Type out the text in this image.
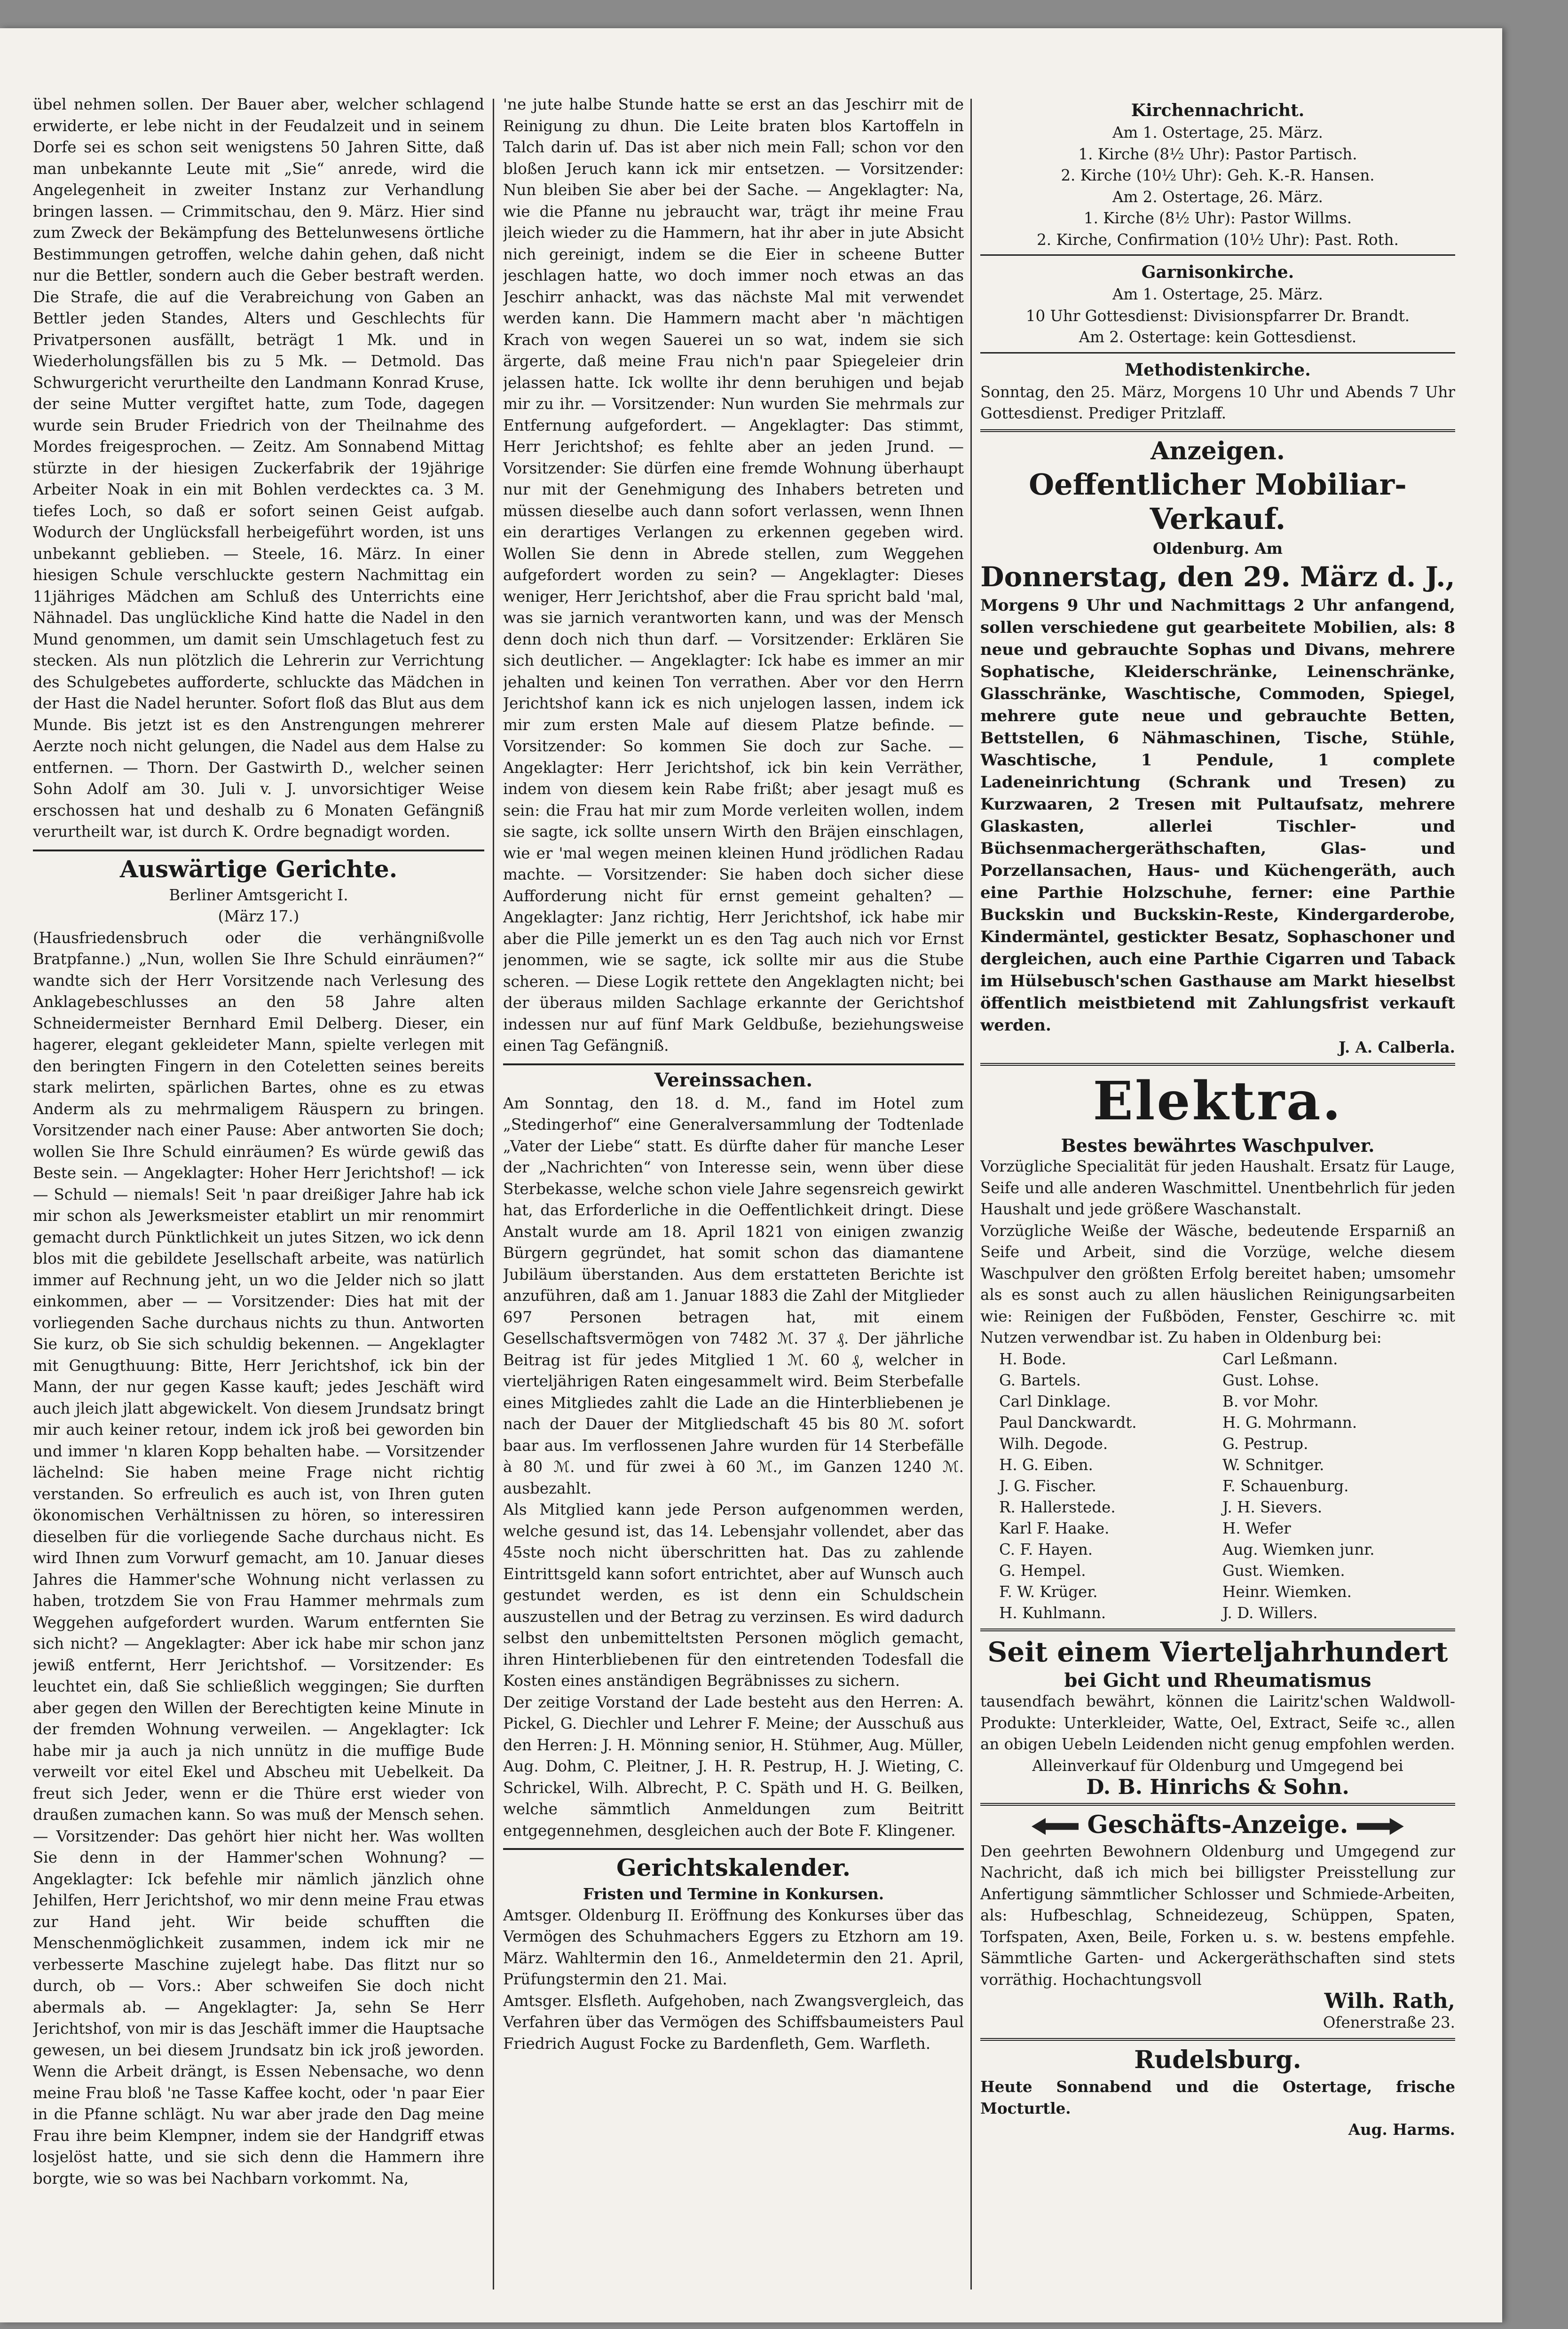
übel nehmen sollen. Der Bauer aber, welcher schlagend erwiderte, er lebe nicht in der Feudalzeit und in seinem Dorfe sei es schon seit wenigstens 50 Jahren Sitte, daß man unbekannte Leute mit „Sie“ anrede, wird die Angelegenheit in zweiter Instanz zur Verhandlung bringen lassen. — Crimmitschau, den 9. März. Hier sind zum Zweck der Bekämpfung des Bettelunwesens örtliche Bestimmungen getroffen, welche dahin gehen, daß nicht nur die Bettler, sondern auch die Geber bestraft werden. Die Strafe, die auf die Verabreichung von Gaben an Bettler jeden Standes, Alters und Geschlechts für Privatpersonen ausfällt, beträgt 1 Mk. und in Wiederholungsfällen bis zu 5 Mk. — Detmold. Das Schwurgericht verurtheilte den Landmann Konrad Kruse, der seine Mutter vergiftet hatte, zum Tode, dagegen wurde sein Bruder Friedrich von der Theilnahme des Mordes freigesprochen. — Zeitz. Am Sonnabend Mittag stürzte in der hiesigen Zuckerfabrik der 19jährige Arbeiter Noak in ein mit Bohlen verdecktes ca. 3 M. tiefes Loch, so daß er sofort seinen Geist aufgab. Wodurch der Unglücksfall herbeigeführt worden, ist uns unbekannt geblieben. — Steele, 16. März. In einer hiesigen Schule verschluckte gestern Nachmittag ein 11jähriges Mädchen am Schluß des Unterrichts eine Nähnadel. Das unglückliche Kind hatte die Nadel in den Mund genommen, um damit sein Umschlagetuch fest zu stecken. Als nun plötzlich die Lehrerin zur Verrichtung des Schulgebetes aufforderte, schluckte das Mädchen in der Hast die Nadel herunter. Sofort floß das Blut aus dem Munde. Bis jetzt ist es den Anstrengungen mehrerer Aerzte noch nicht gelungen, die Nadel aus dem Halse zu entfernen. — Thorn. Der Gastwirth D., welcher seinen Sohn Adolf am 30. Juli v. J. unvorsichtiger Weise erschossen hat und deshalb zu 6 Monaten Gefängniß verurtheilt war, ist durch K. Ordre begnadigt worden.

Auswärtige Gerichte.

Berliner Amtsgericht I.

(März 17.)

(Hausfriedensbruch oder die verhängnißvolle Bratpfanne.) „Nun, wollen Sie Ihre Schuld einräumen?“ wandte sich der Herr Vorsitzende nach Verlesung des Anklagebeschlusses an den 58 Jahre alten Schneidermeister Bernhard Emil Delberg. Dieser, ein hagerer, elegant gekleideter Mann, spielte verlegen mit den beringten Fingern in den Coteletten seines bereits stark melirten, spärlichen Bartes, ohne es zu etwas Anderm als zu mehrmaligem Räuspern zu bringen. Vorsitzender nach einer Pause: Aber antworten Sie doch; wollen Sie Ihre Schuld einräumen? Es würde gewiß das Beste sein. — Angeklagter: Hoher Herr Jerichtshof! — ick — Schuld — niemals! Seit 'n paar dreißiger Jahre hab ick mir schon als Jewerksmeister etablirt un mir renommirt gemacht durch Pünktlichkeit un jutes Sitzen, wo ick denn blos mit die gebildete Jesellschaft arbeite, was natürlich immer auf Rechnung jeht, un wo die Jelder nich so jlatt einkommen, aber — — Vorsitzender: Dies hat mit der vorliegenden Sache durchaus nichts zu thun. Antworten Sie kurz, ob Sie sich schuldig bekennen. — Angeklagter mit Genugthuung: Bitte, Herr Jerichtshof, ick bin der Mann, der nur gegen Kasse kauft; jedes Jeschäft wird auch jleich jlatt abgewickelt. Von diesem Jrundsatz bringt mir auch keiner retour, indem ick jroß bei geworden bin und immer 'n klaren Kopp behalten habe. — Vorsitzender lächelnd: Sie haben meine Frage nicht richtig verstanden. So erfreulich es auch ist, von Ihren guten ökonomischen Verhältnissen zu hören, so interessiren dieselben für die vorliegende Sache durchaus nicht. Es wird Ihnen zum Vorwurf gemacht, am 10. Januar dieses Jahres die Hammer'sche Wohnung nicht verlassen zu haben, trotzdem Sie von Frau Hammer mehrmals zum Weggehen aufgefordert wurden. Warum entfernten Sie sich nicht? — Angeklagter: Aber ick habe mir schon janz jewiß entfernt, Herr Jerichtshof. — Vorsitzender: Es leuchtet ein, daß Sie schließlich weggingen; Sie durften aber gegen den Willen der Berechtigten keine Minute in der fremden Wohnung verweilen. — Angeklagter: Ick habe mir ja auch ja nich unnütz in die muffige Bude verweilt vor eitel Ekel und Abscheu mit Uebelkeit. Da freut sich Jeder, wenn er die Thüre erst wieder von draußen zumachen kann. So was muß der Mensch sehen. — Vorsitzender: Das gehört hier nicht her. Was wollten Sie denn in der Hammer'schen Wohnung? — Angeklagter: Ick befehle mir nämlich jänzlich ohne Jehilfen, Herr Jerichtshof, wo mir denn meine Frau etwas zur Hand jeht. Wir beide schufften die Menschenmöglichkeit zusammen, indem ick mir ne verbesserte Maschine zujelegt habe. Das flitzt nur so durch, ob — Vors.: Aber schweifen Sie doch nicht abermals ab. — Angeklagter: Ja, sehn Se Herr Jerichtshof, von mir is das Jeschäft immer die Hauptsache gewesen, un bei diesem Jrundsatz bin ick jroß jeworden. Wenn die Arbeit drängt, is Essen Nebensache, wo denn meine Frau bloß 'ne Tasse Kaffee kocht, oder 'n paar Eier in die Pfanne schlägt. Nu war aber jrade den Dag meine Frau ihre beim Klempner, indem sie der Handgriff etwas losjelöst hatte, und sie sich denn die Hammern ihre borgte, wie so was bei Nachbarn vorkommt. Na,

'ne jute halbe Stunde hatte se erst an das Jeschirr mit de Reinigung zu dhun. Die Leite braten blos Kartoffeln in Talch darin uf. Das ist aber nich mein Fall; schon vor den bloßen Jeruch kann ick mir entsetzen. — Vorsitzender: Nun bleiben Sie aber bei der Sache. — Angeklagter: Na, wie die Pfanne nu jebraucht war, trägt ihr meine Frau jleich wieder zu die Hammern, hat ihr aber in jute Absicht nich gereinigt, indem se die Eier in scheene Butter jeschlagen hatte, wo doch immer noch etwas an das Jeschirr anhackt, was das nächste Mal mit verwendet werden kann. Die Hammern macht aber 'n mächtigen Krach von wegen Sauerei un so wat, indem sie sich ärgerte, daß meine Frau nich'n paar Spiegeleier drin jelassen hatte. Ick wollte ihr denn beruhigen und bejab mir zu ihr. — Vorsitzender: Nun wurden Sie mehrmals zur Entfernung aufgefordert. — Angeklagter: Das stimmt, Herr Jerichtshof; es fehlte aber an jeden Jrund. — Vorsitzender: Sie dürfen eine fremde Wohnung überhaupt nur mit der Genehmigung des Inhabers betreten und müssen dieselbe auch dann sofort verlassen, wenn Ihnen ein derartiges Verlangen zu erkennen gegeben wird. Wollen Sie denn in Abrede stellen, zum Weggehen aufgefordert worden zu sein? — Angeklagter: Dieses weniger, Herr Jerichtshof, aber die Frau spricht bald 'mal, was sie jarnich verantworten kann, und was der Mensch denn doch nich thun darf. — Vorsitzender: Erklären Sie sich deutlicher. — Angeklagter: Ick habe es immer an mir jehalten und keinen Ton verrathen. Aber vor den Herrn Jerichtshof kann ick es nich unjelogen lassen, indem ick mir zum ersten Male auf diesem Platze befinde. — Vorsitzender: So kommen Sie doch zur Sache. — Angeklagter: Herr Jerichtshof, ick bin kein Verräther, indem von diesem kein Rabe frißt; aber jesagt muß es sein: die Frau hat mir zum Morde verleiten wollen, indem sie sagte, ick sollte unsern Wirth den Bräjen einschlagen, wie er 'mal wegen meinen kleinen Hund jrödlichen Radau machte. — Vorsitzender: Sie haben doch sicher diese Aufforderung nicht für ernst gemeint gehalten? — Angeklagter: Janz richtig, Herr Jerichtshof, ick habe mir aber die Pille jemerkt un es den Tag auch nich vor Ernst jenommen, wie se sagte, ick sollte mir aus die Stube scheren. — Diese Logik rettete den Angeklagten nicht; bei der überaus milden Sachlage erkannte der Gerichtshof indessen nur auf fünf Mark Geldbuße, beziehungsweise einen Tag Gefängniß.

Vereinssachen.

Am Sonntag, den 18. d. M., fand im Hotel zum „Stedingerhof“ eine Generalversammlung der Todtenlade „Vater der Liebe“ statt. Es dürfte daher für manche Leser der „Nachrichten“ von Interesse sein, wenn über diese Sterbekasse, welche schon viele Jahre segensreich gewirkt hat, das Erforderliche in die Oeffentlichkeit dringt. Diese Anstalt wurde am 18. April 1821 von einigen zwanzig Bürgern gegründet, hat somit schon das diamantene Jubiläum überstanden. Aus dem erstatteten Berichte ist anzuführen, daß am 1. Januar 1883 die Zahl der Mitglieder 697 Personen betragen hat, mit einem Gesellschaftsvermögen von 7482 ℳ. 37 ₰. Der jährliche Beitrag ist für jedes Mitglied 1 ℳ. 60 ₰, welcher in vierteljährigen Raten eingesammelt wird. Beim Sterbefalle eines Mitgliedes zahlt die Lade an die Hinterbliebenen je nach der Dauer der Mitgliedschaft 45 bis 80 ℳ. sofort baar aus. Im verflossenen Jahre wurden für 14 Sterbefälle à 80 ℳ. und für zwei à 60 ℳ., im Ganzen 1240 ℳ. ausbezahlt.

Als Mitglied kann jede Person aufgenommen werden, welche gesund ist, das 14. Lebensjahr vollendet, aber das 45ste noch nicht überschritten hat. Das zu zahlende Eintrittsgeld kann sofort entrichtet, aber auf Wunsch auch gestundet werden, es ist denn ein Schuldschein auszustellen und der Betrag zu verzinsen. Es wird dadurch selbst den unbemitteltsten Personen möglich gemacht, ihren Hinterbliebenen für den eintretenden Todesfall die Kosten eines anständigen Begräbnisses zu sichern.

Der zeitige Vorstand der Lade besteht aus den Herren: A. Pickel, G. Diechler und Lehrer F. Meine; der Ausschuß aus den Herren: J. H. Mönning senior, H. Stühmer, Aug. Müller, Aug. Dohm, C. Pleitner, J. H. R. Pestrup, H. J. Wieting, C. Schrickel, Wilh. Albrecht, P. C. Späth und H. G. Beilken, welche sämmtlich Anmeldungen zum Beitritt entgegennehmen, desgleichen auch der Bote F. Klingener.

Gerichtskalender.

Fristen und Termine in Konkursen.

Amtsger. Oldenburg II. Eröffnung des Konkurses über das Vermögen des Schuhmachers Eggers zu Etzhorn am 19. März. Wahltermin den 16., Anmeldetermin den 21. April, Prüfungstermin den 21. Mai.

Amtsger. Elsfleth. Aufgehoben, nach Zwangsvergleich, das Verfahren über das Vermögen des Schiffsbaumeisters Paul Friedrich August Focke zu Bardenfleth, Gem. Warfleth.

Kirchennachricht.

Am 1. Ostertage, 25. März.

1. Kirche (8½ Uhr): Pastor Partisch.

2. Kirche (10½ Uhr): Geh. K.-R. Hansen.

Am 2. Ostertage, 26. März.

1. Kirche (8½ Uhr): Pastor Willms.

2. Kirche, Confirmation (10½ Uhr): Past. Roth.

Garnisonkirche.

Am 1. Ostertage, 25. März.

10 Uhr Gottesdienst: Divisionspfarrer Dr. Brandt.

Am 2. Ostertage: kein Gottesdienst.

Methodistenkirche.

Sonntag, den 25. März, Morgens 10 Uhr und Abends 7 Uhr Gottesdienst. Prediger Pritzlaff.

Anzeigen.
Oeffentlicher Mobiliar-Verkauf.

Oldenburg. Am

Donnerstag, den 29. März d. J.,

Morgens 9 Uhr und Nachmittags 2 Uhr anfangend, sollen verschiedene gut gearbeitete Mobilien, als: 8 neue und gebrauchte Sophas und Divans, mehrere Sophatische, Kleiderschränke, Leinenschränke, Glasschränke, Waschtische, Commoden, Spiegel, mehrere gute neue und gebrauchte Betten, Bettstellen, 6 Nähmaschinen, Tische, Stühle, Waschtische, 1 Pendule, 1 complete Ladeneinrichtung (Schrank und Tresen) zu Kurzwaaren, 2 Tresen mit Pultaufsatz, mehrere Glaskasten, allerlei Tischler- und Büchsenmachergeräthschaften, Glas- und Porzellansachen, Haus- und Küchengeräth, auch eine Parthie Holzschuhe, ferner: eine Parthie Buckskin und Buckskin-Reste, Kindergarderobe, Kindermäntel, gestickter Besatz, Sophaschoner und dergleichen, auch eine Parthie Cigarren und Taback im Hülsebusch'schen Gasthause am Markt hieselbst öffentlich meistbietend mit Zahlungsfrist verkauft werden.

J. A. Calberla.

Elektra.

Bestes bewährtes Waschpulver.

Vorzügliche Specialität für jeden Haushalt. Ersatz für Lauge, Seife und alle anderen Waschmittel. Unentbehrlich für jeden Haushalt und jede größere Waschanstalt.

Vorzügliche Weiße der Wäsche, bedeutende Ersparniß an Seife und Arbeit, sind die Vorzüge, welche diesem Waschpulver den größten Erfolg bereitet haben; umsomehr als es sonst auch zu allen häuslichen Reinigungsarbeiten wie: Reinigen der Fußböden, Fenster, Geschirre ꝛc. mit Nutzen verwendbar ist. Zu haben in Oldenburg bei:

H. Bode.	Carl Leßmann.
G. Bartels.	Gust. Lohse.
Carl Dinklage.	B. vor Mohr.
Paul Danckwardt.	H. G. Mohrmann.
Wilh. Degode.	G. Pestrup.
H. G. Eiben.	W. Schnitger.
J. G. Fischer.	F. Schauenburg.
R. Hallerstede.	J. H. Sievers.
Karl F. Haake.	H. Wefer
C. F. Hayen.	Aug. Wiemken junr.
G. Hempel.	Gust. Wiemken.
F. W. Krüger.	Heinr. Wiemken.
H. Kuhlmann.	J. D. Willers.
Seit einem Vierteljahrhundert

bei Gicht und Rheumatismus

tausendfach bewährt, können die Lairitz'schen Waldwoll-Produkte: Unterkleider, Watte, Oel, Extract, Seife ꝛc., allen an obigen Uebeln Leidenden nicht genug empfohlen werden.

Alleinverkauf für Oldenburg und Umgegend bei

D. B. Hinrichs & Sohn.

Geschäfts-Anzeige.

Den geehrten Bewohnern Oldenburg und Umgegend zur Nachricht, daß ich mich bei billigster Preisstellung zur Anfertigung sämmtlicher Schlosser und Schmiede-Arbeiten, als: Hufbeschlag, Schneidezeug, Schüppen, Spaten, Torfspaten, Axen, Beile, Forken u. s. w. bestens empfehle. Sämmtliche Garten- und Ackergeräthschaften sind stets vorräthig. Hochachtungsvoll

Wilh. Rath,

Ofenerstraße 23.

Rudelsburg.

Heute Sonnabend und die Ostertage, frische Mocturtle.

Aug. Harms.
